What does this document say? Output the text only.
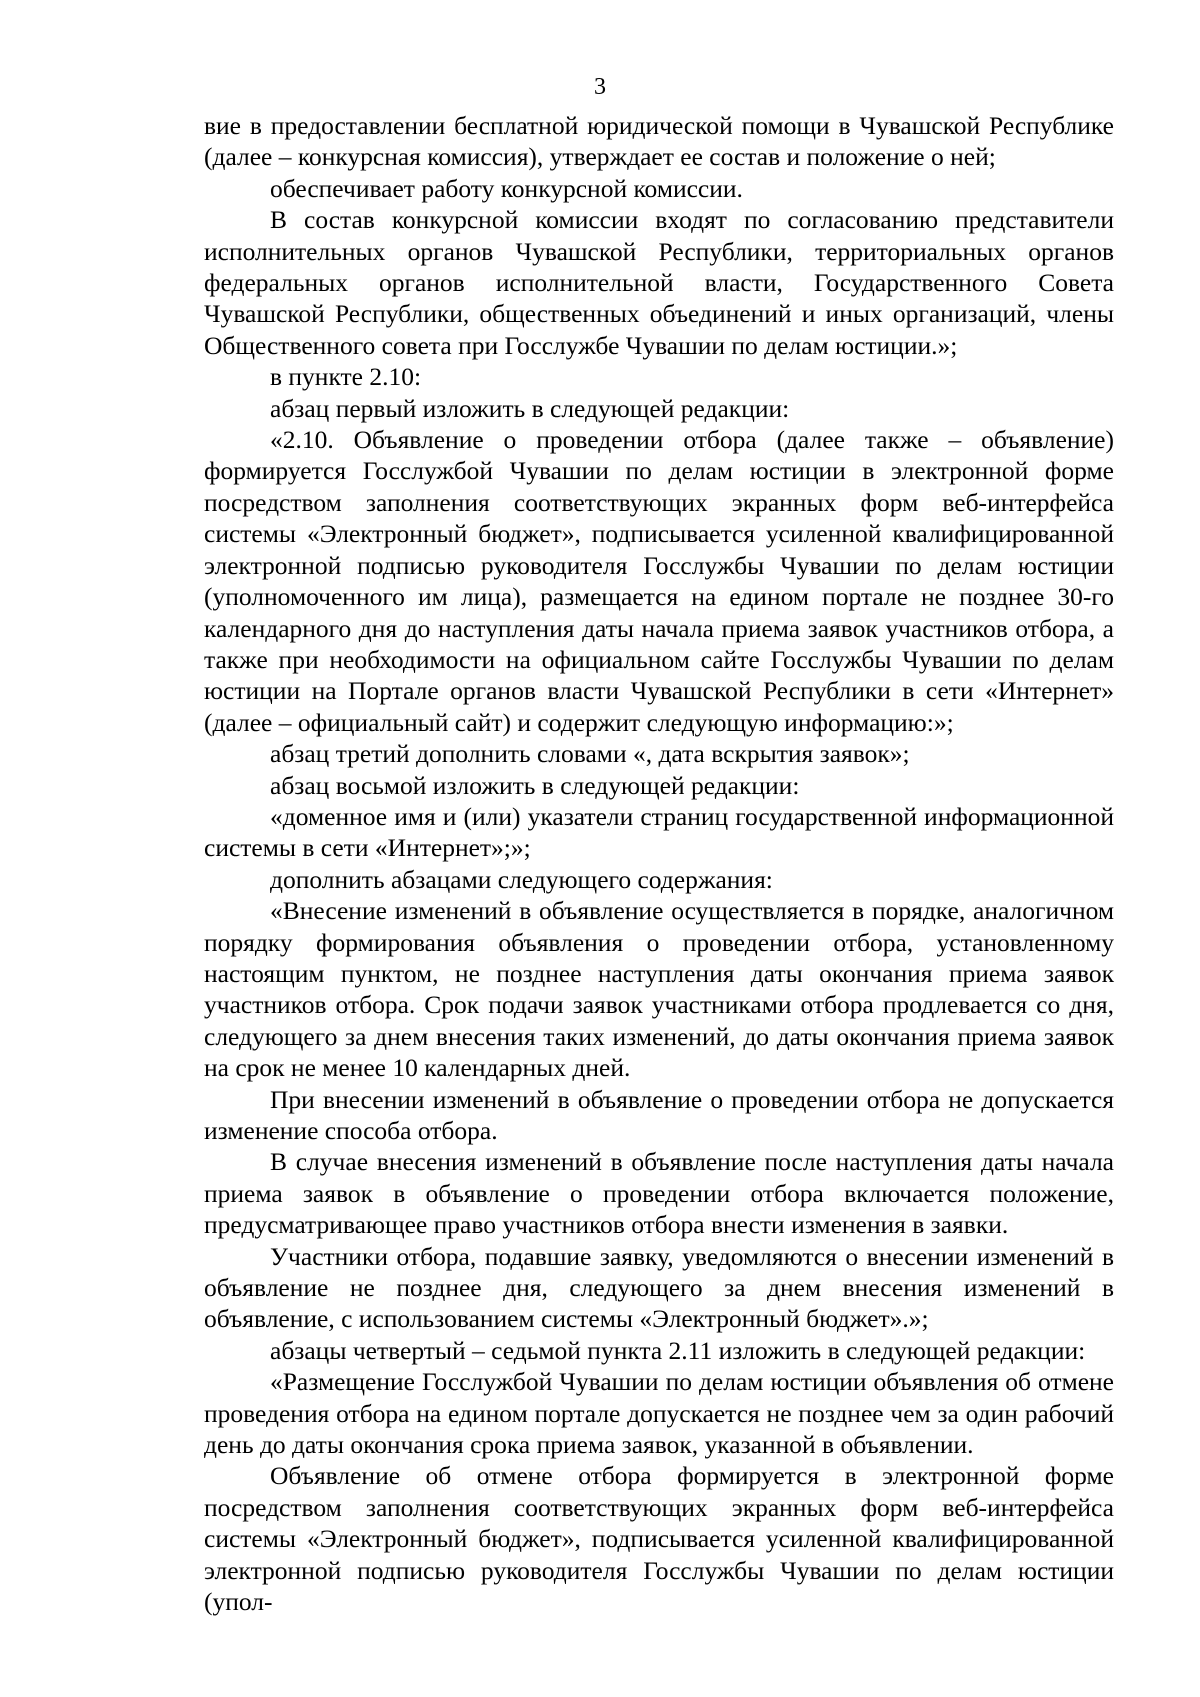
3

вие в предоставлении бесплатной юридической помощи в Чувашской Республике (далее – конкурсная комиссия), утверждает ее состав и положение о ней;

обеспечивает работу конкурсной комиссии.

В состав конкурсной комиссии входят по согласованию представители исполнительных органов Чувашской Республики, территориальных органов федеральных органов исполнительной власти, Государственного Совета Чувашской Республики, общественных объединений и иных организаций, члены Общественного совета при Госслужбе Чувашии по делам юстиции.»;

в пункте 2.10:

абзац первый изложить в следующей редакции:

«2.10. Объявление о проведении отбора (далее также – объявление) формируется Госслужбой Чувашии по делам юстиции в электронной форме посредством заполнения соответствующих экранных форм веб-интерфейса системы «Электронный бюджет», подписывается усиленной квалифицированной электронной подписью руководителя Госслужбы Чувашии по делам юстиции (уполномоченного им лица), размещается на едином портале не позднее 30-го календарного дня до наступления даты начала приема заявок участников отбора, а также при необходимости на официальном сайте Госслужбы Чувашии по делам юстиции на Портале органов власти Чувашской Республики в сети «Интернет» (далее – официальный сайт) и содержит следующую информацию:»;

абзац третий дополнить словами «, дата вскрытия заявок»;

абзац восьмой изложить в следующей редакции:

«доменное имя и (или) указатели страниц государственной информационной системы в сети «Интернет»;»;

дополнить абзацами следующего содержания:

«Внесение изменений в объявление осуществляется в порядке, аналогичном порядку формирования объявления о проведении отбора, установленному настоящим пунктом, не позднее наступления даты окончания приема заявок участников отбора. Срок подачи заявок участниками отбора продлевается со дня, следующего за днем внесения таких изменений, до даты окончания приема заявок на срок не менее 10 календарных дней.

При внесении изменений в объявление о проведении отбора не допускается изменение способа отбора.

В случае внесения изменений в объявление после наступления даты начала приема заявок в объявление о проведении отбора включается положение, предусматривающее право участников отбора внести изменения в заявки.

Участники отбора, подавшие заявку, уведомляются о внесении изменений в объявление не позднее дня, следующего за днем внесения изменений в объявление, с использованием системы «Электронный бюджет».»;

абзацы четвертый – седьмой пункта 2.11 изложить в следующей редакции:

«Размещение Госслужбой Чувашии по делам юстиции объявления об отмене проведения отбора на едином портале допускается не позднее чем за один рабочий день до даты окончания срока приема заявок, указанной в объявлении.

Объявление об отмене отбора формируется в электронной форме посредством заполнения соответствующих экранных форм веб-интерфейса системы «Электронный бюджет», подписывается усиленной квалифицированной электронной подписью руководителя Госслужбы Чувашии по делам юстиции (упол-
